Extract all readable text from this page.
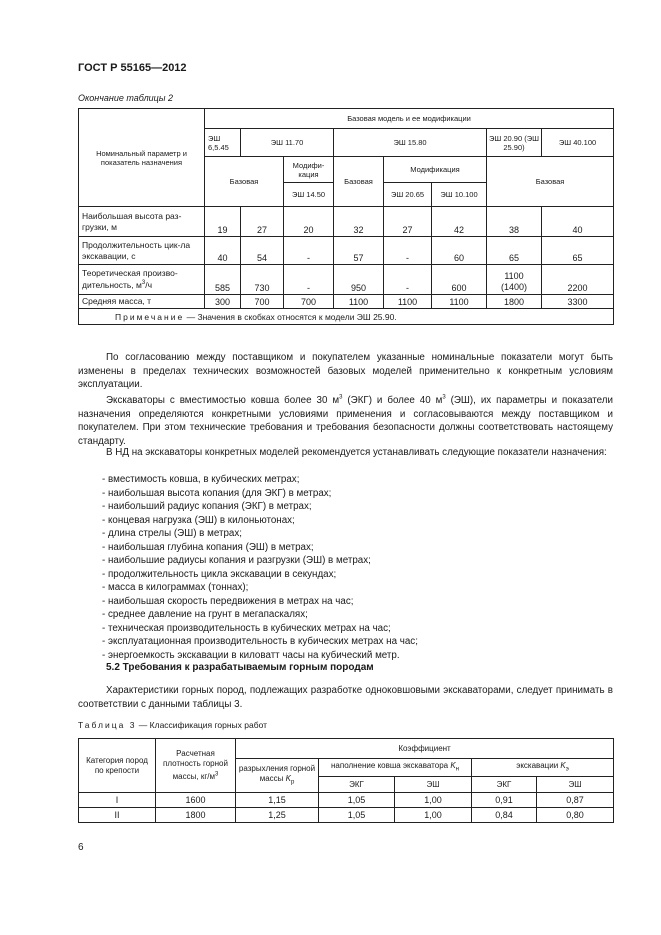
ГОСТ Р 55165—2012
Окончание таблицы 2
Номинальный параметр и показатель назначения	Базовая модель и ее модификации							
	ЭШ 6,5.45	ЭШ 11.70		ЭШ 15.80			ЭШ 20.90 (ЭШ 25.90)	ЭШ 40.100
	Базовая		Модифи-кация	Базовая	Модификация		Базовая	
			ЭШ 14.50		ЭШ 20.65	ЭШ 10.100		
Наибольшая высота раз-грузки, м	19	27	20	32	27	42	38	40
Продолжительность цик-ла экскавации, с	40	54	-	57	-	60	65	65
Теоретическая произво-
дительность, $м^3/ч$	585	730	-	950	-	600	1100 (1400)	2200
Средняя масса, т	300	700	700	1100	1100	1100	1800	3300
Примечание — Значения в скобках относятся к модели ЭШ 25.90.								
По согласованию между поставщиком и покупателем указанные номинальные показатели могут быть изменены в пределах технических возможностей базовых моделей применительно к конкретным условиям эксплуатации.
Экскаваторы с вместимостью ковша более 30 $м^3$ (ЭКГ) и более 40 $м^3$ (ЭШ), их параметры и показатели назначения определяются конкретными условиями применения и согласовываются между поставщиком и покупателем. При этом технические требования и требования безопасности должны соответствовать настоящему стандарту.
В НД на экскаваторы конкретных моделей рекомендуется устанавливать следующие показатели назначения:
- вместимость ковша, в кубических метрах;
- наибольшая высота копания (для ЭКГ) в метрах;
- наибольший радиус копания (ЭКГ) в метрах;
- концевая нагрузка (ЭШ) в килоньютонах;
- длина стрелы (ЭШ) в метрах;
- наибольшая глубина копания (ЭШ) в метрах;
- наибольшие радиусы копания и разгрузки (ЭШ) в метрах;
- продолжительность цикла экскавации в секундах;
- масса в килограммах (тоннах);
- наибольшая скорость передвижения в метрах на час;
- среднее давление на грунт в мегапаскалях;
- техническая производительность в кубических метрах на час;
- эксплуатационная производительность в кубических метрах на час;
- энергоемкость экскавации в киловатт часы на кубический метр.
5.2 Требования к разрабатываемым горным породам
Характеристики горных пород, подлежащих разработке одноковшовыми экскаваторами, следует принимать в соответствии с данными таблицы 3.
Таблица 3 — Классификация горных работ
Категория пород по крепости	Расчетная плотность горной массы, $кг/м^3$	Коэффициент				
		разрыхления горной массы $K_р$	наполнение ковша экскаватора $K_н$		экскавации $K_э$
			ЭКГ	ЭШ	ЭКГ	ЭШ
I	1600	1,15	1,05	1,00	0,91	0,87
II	1800	1,25	1,05	1,00	0,84	0,80
6
